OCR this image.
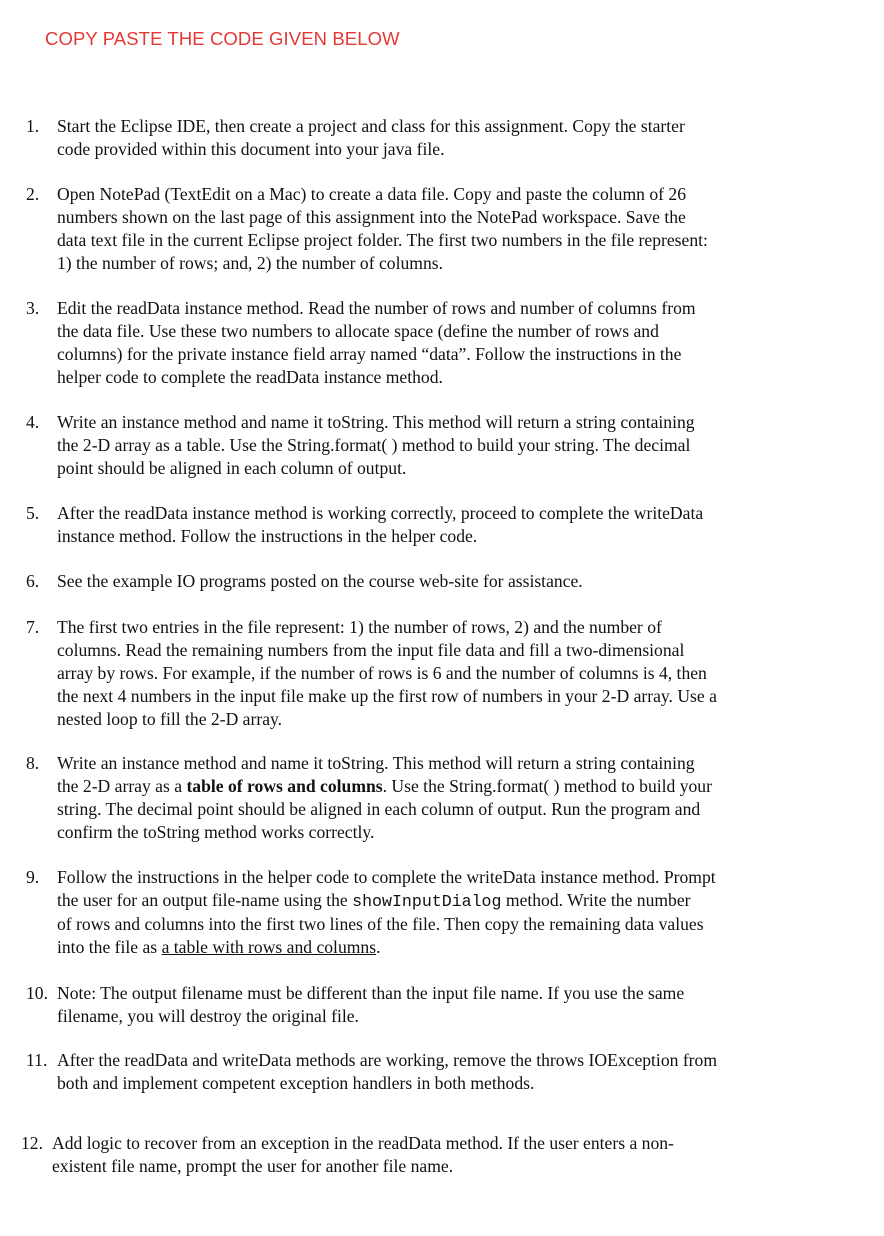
COPY PASTE THE CODE GIVEN BELOW
1. Start the Eclipse IDE, then create a project and class for this assignment. Copy the starter
code provided within this document into your java file.
2. Open NotePad (TextEdit on a Mac) to create a data file. Copy and paste the column of 26
numbers shown on the last page of this assignment into the NotePad workspace. Save the
data text file in the current Eclipse project folder. The first two numbers in the file represent:
1) the number of rows; and, 2) the number of columns.
3. Edit the readData instance method. Read the number of rows and number of columns from
the data file. Use these two numbers to allocate space (define the number of rows and
columns) for the private instance field array named “data”. Follow the instructions in the
helper code to complete the readData instance method.
4. Write an instance method and name it toString. This method will return a string containing
the 2-D array as a table. Use the String.format( ) method to build your string. The decimal
point should be aligned in each column of output.
5. After the readData instance method is working correctly, proceed to complete the writeData
instance method. Follow the instructions in the helper code.
6. See the example IO programs posted on the course web-site for assistance.
7. The first two entries in the file represent: 1) the number of rows, 2) and the number of
columns. Read the remaining numbers from the input file data and fill a two-dimensional
array by rows. For example, if the number of rows is 6 and the number of columns is 4, then
the next 4 numbers in the input file make up the first row of numbers in your 2-D array. Use a
nested loop to fill the 2-D array.
8. Write an instance method and name it toString. This method will return a string containing
the 2-D array as a table of rows and columns. Use the String.format( ) method to build your
string. The decimal point should be aligned in each column of output. Run the program and
confirm the toString method works correctly.
9. Follow the instructions in the helper code to complete the writeData instance method. Prompt
the user for an output file-name using the showInputDialog method. Write the number
of rows and columns into the first two lines of the file. Then copy the remaining data values
into the file as a table with rows and columns.
10. Note: The output filename must be different than the input file name. If you use the same
filename, you will destroy the original file.
11. After the readData and writeData methods are working, remove the throws IOException from
both and implement competent exception handlers in both methods.
12. Add logic to recover from an exception in the readData method. If the user enters a non-
existent file name, prompt the user for another file name.
